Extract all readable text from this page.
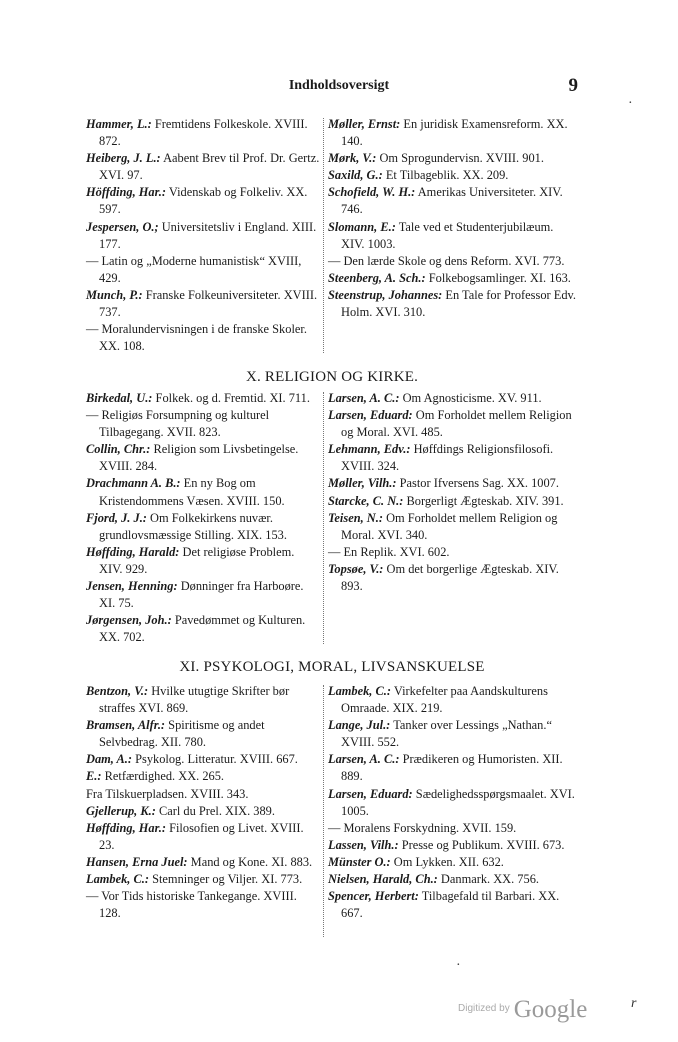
Indholdsoversigt	9
Hammer, L.: Fremtidens Folkeskole. XVIII. 872.
Heiberg, J. L.: Aabent Brev til Prof. Dr. Gertz. XVI. 97.
Höffding, Har.: Videnskab og Folkeliv. XX. 597.
Jespersen, O.; Universitetsliv i England. XIII. 177.
— Latin og „Moderne humanistisk“ XVIII, 429.
Munch, P.: Franske Folkeuniversiteter. XVIII. 737.
— Moralundervisningen i de franske Skoler. XX. 108.
Møller, Ernst: En juridisk Examensreform. XX. 140.
Mørk, V.: Om Sprogundervisn. XVIII. 901.
Saxild, G.: Et Tilbageblik. XX. 209.
Schofield, W. H.: Amerikas Universiteter. XIV. 746.
Slomann, E.: Tale ved et Studenterjubilæum. XIV. 1003.
— Den lærde Skole og dens Reform. XVI. 773.
Steenberg, A. Sch.: Folkebogsamlinger. XI. 163.
Steenstrup, Johannes: En Tale for Professor Edv. Holm. XVI. 310.
X. RELIGION OG KIRKE.
Birkedal, U.: Folkek. og d. Fremtid. XI. 711.
— Religiøs Forsumpning og kulturel Tilbagegang. XVII. 823.
Collin, Chr.: Religion som Livsbetingelse. XVIII. 284.
Drachmann A. B.: En ny Bog om Kristendommens Væsen. XVIII. 150.
Fjord, J. J.: Om Folkekirkens nuvær. grundlovsmæssige Stilling. XIX. 153.
Høffding, Harald: Det religiøse Problem. XIV. 929.
Jensen, Henning: Dønninger fra Harboøre. XI. 75.
Jørgensen, Joh.: Pavedømmet og Kulturen. XX. 702.
Larsen, A. C.: Om Agnosticisme. XV. 911.
Larsen, Eduard: Om Forholdet mellem Religion og Moral. XVI. 485.
Lehmann, Edv.: Høffdings Religionsfilosofi. XVIII. 324.
Møller, Vilh.: Pastor Ifversens Sag. XX. 1007.
Starcke, C. N.: Borgerligt Ægteskab. XIV. 391.
Teisen, N.: Om Forholdet mellem Religion og Moral. XVI. 340.
— En Replik. XVI. 602.
Topsøe, V.: Om det borgerlige Ægteskab. XIV. 893.
XI. PSYKOLOGI, MORAL, LIVSANSKUELSE
Bentzon, V.: Hvilke utugtige Skrifter bør straffes XVI. 869.
Bramsen, Alfr.: Spiritisme og andet Selvbedrag. XII. 780.
Dam, A.: Psykolog. Litteratur. XVIII. 667.
E.: Retfærdighed. XX. 265.
Fra Tilskuerpladsen. XVIII. 343.
Gjellerup, K.: Carl du Prel. XIX. 389.
Høffding, Har.: Filosofien og Livet. XVIII. 23.
Hansen, Erna Juel: Mand og Kone. XI. 883.
Lambek, C.: Stemninger og Viljer. XI. 773.
— Vor Tids historiske Tankegange. XVIII. 128.
Lambek, C.: Virkefelter paa Aandskulturens Omraade. XIX. 219.
Lange, Jul.: Tanker over Lessings „Nathan.“ XVIII. 552.
Larsen, A. C.: Prædikeren og Humoristen. XII. 889.
Larsen, Eduard: Sædelighedsspørgsmaalet. XVI. 1005.
— Moralens Forskydning. XVII. 159.
Lassen, Vilh.: Presse og Publikum. XVIII. 673.
Münster O.: Om Lykken. XII. 632.
Nielsen, Harald, Ch.: Danmark. XX. 756.
Spencer, Herbert: Tilbagefald til Barbari. XX. 667.
$^{Digitized by}$ Google
·
·
r
